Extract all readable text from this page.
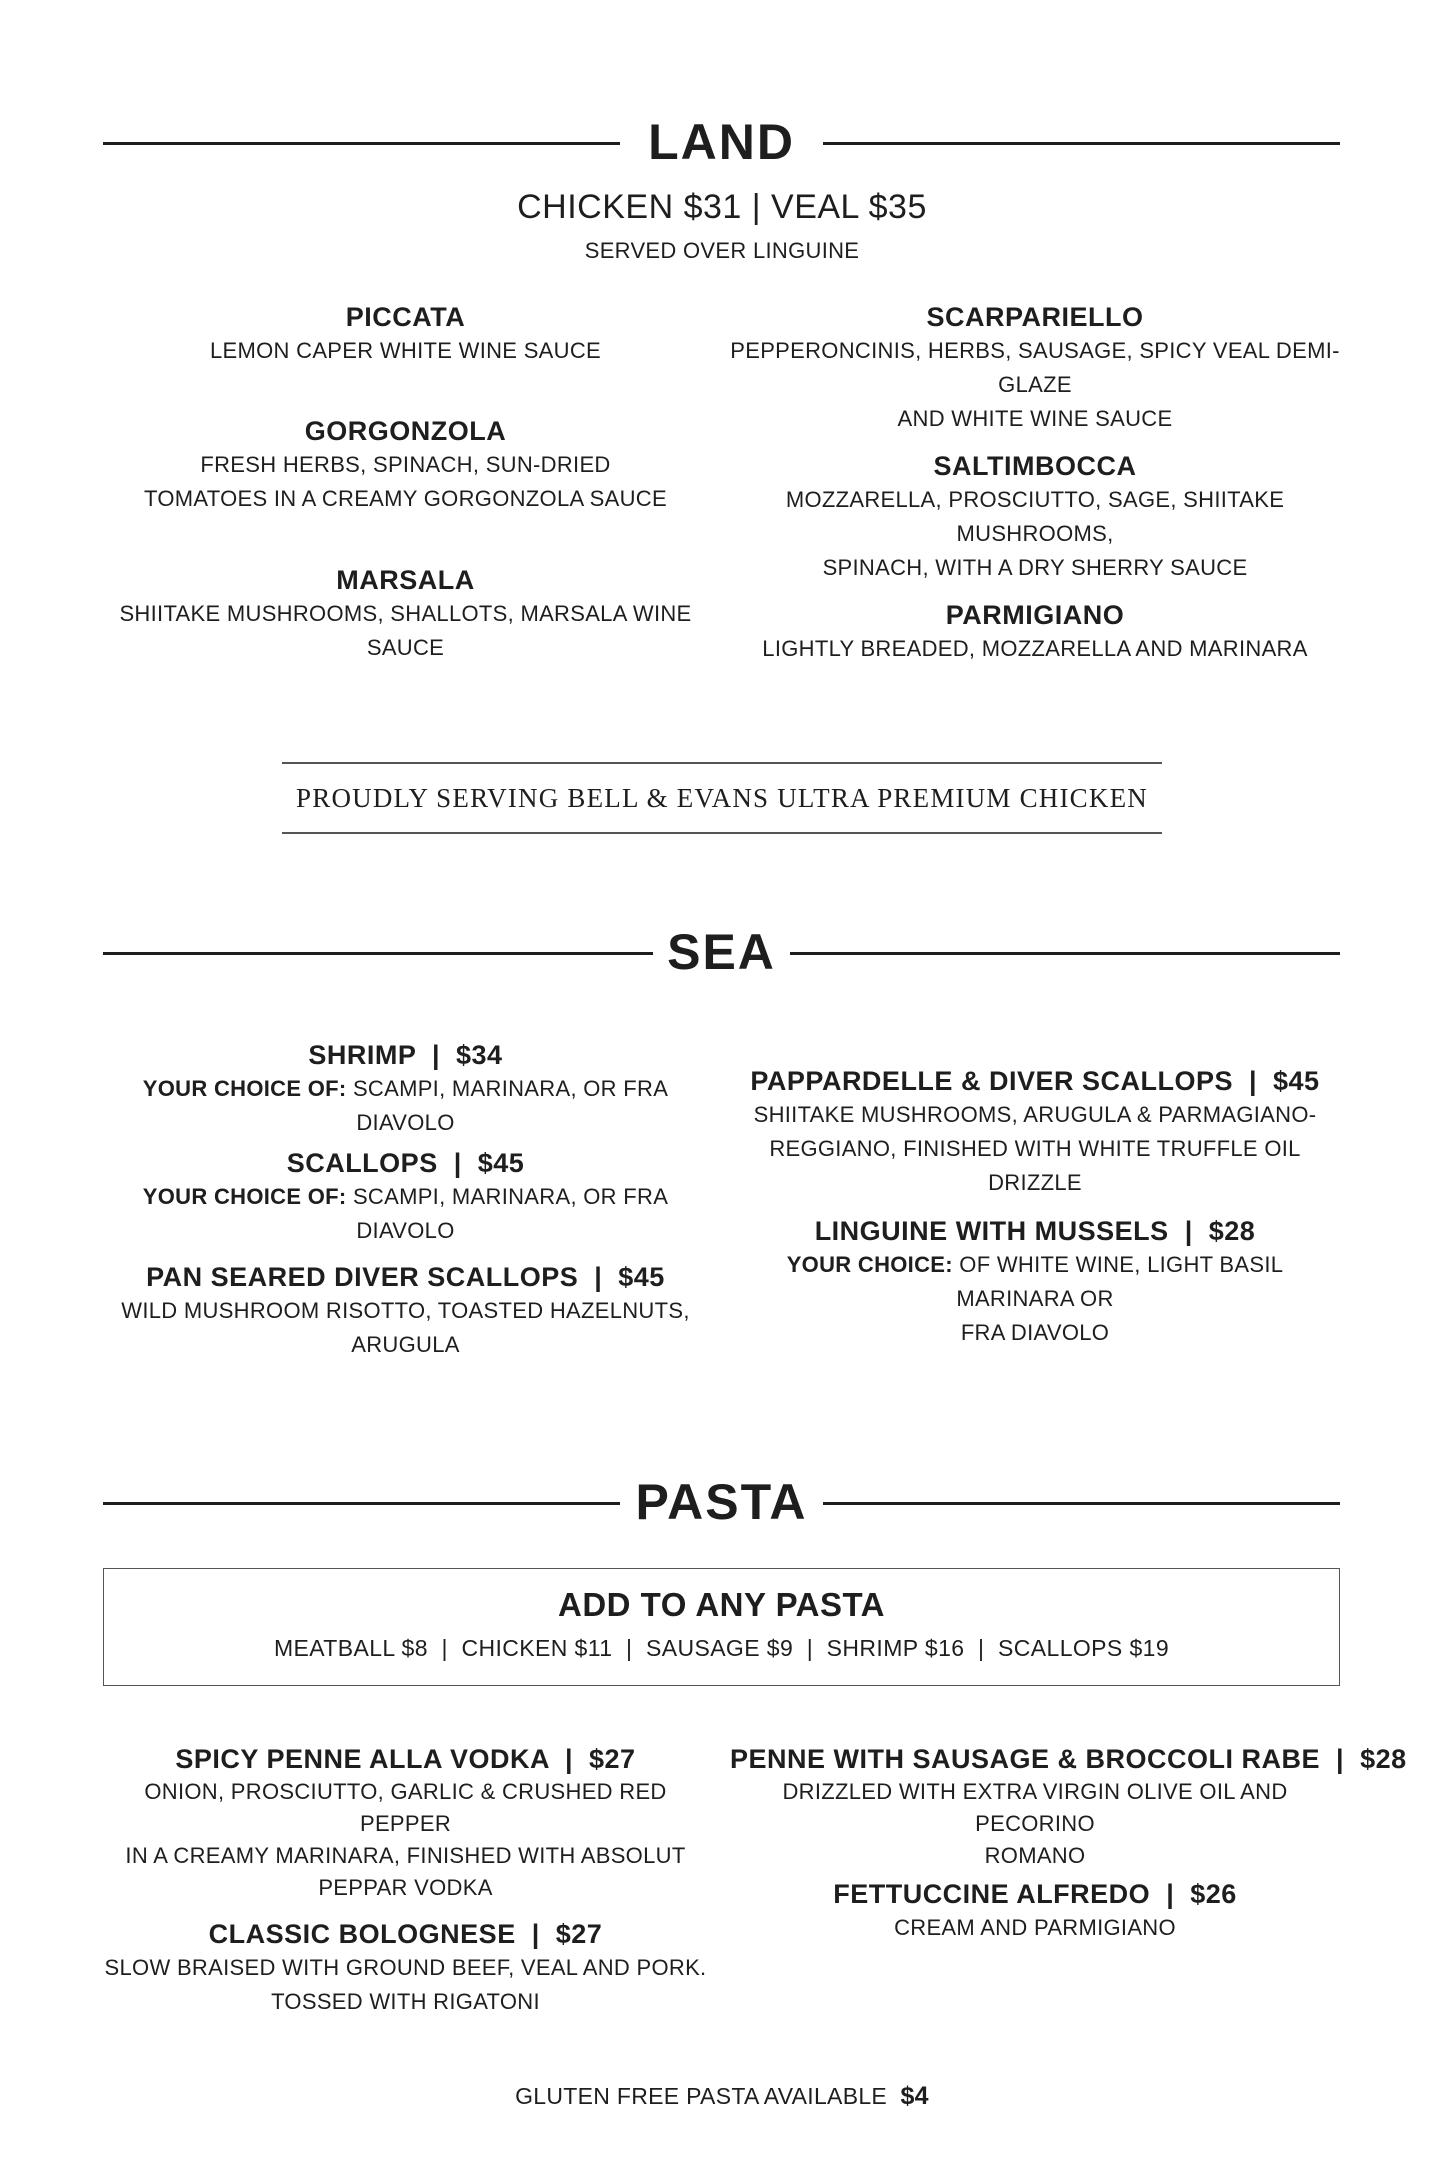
LAND
CHICKEN $31 | VEAL $35
SERVED OVER LINGUINE
PICCATA
LEMON CAPER WHITE WINE SAUCE
GORGONZOLA
FRESH HERBS, SPINACH, SUN-DRIED
TOMATOES IN A CREAMY GORGONZOLA SAUCE
MARSALA
SHIITAKE MUSHROOMS, SHALLOTS, MARSALA WINE SAUCE
SCARPARIELLO
PEPPERONCINIS, HERBS, SAUSAGE, SPICY VEAL DEMI-GLAZE
AND WHITE WINE SAUCE
SALTIMBOCCA
MOZZARELLA, PROSCIUTTO, SAGE, SHIITAKE MUSHROOMS,
SPINACH, WITH A DRY SHERRY SAUCE
PARMIGIANO
LIGHTLY BREADED, MOZZARELLA AND MARINARA
PROUDLY SERVING BELL & EVANS ULTRA PREMIUM CHICKEN
SEA
SHRIMP  |  $34
YOUR CHOICE OF: SCAMPI, MARINARA, OR FRA DIAVOLO
SCALLOPS  |  $45
YOUR CHOICE OF: SCAMPI, MARINARA, OR FRA DIAVOLO
PAN SEARED DIVER SCALLOPS  |  $45
WILD MUSHROOM RISOTTO, TOASTED HAZELNUTS,
ARUGULA
PAPPARDELLE & DIVER SCALLOPS  |  $45
SHIITAKE MUSHROOMS, ARUGULA & PARMAGIANO-
REGGIANO, FINISHED WITH WHITE TRUFFLE OIL DRIZZLE
LINGUINE WITH MUSSELS  |  $28
YOUR CHOICE: OF WHITE WINE, LIGHT BASIL MARINARA OR
FRA DIAVOLO
PASTA
ADD TO ANY PASTA
MEATBALL $8  |  CHICKEN $11  |  SAUSAGE $9  |  SHRIMP $16  |  SCALLOPS $19
SPICY PENNE ALLA VODKA  |  $27
ONION, PROSCIUTTO, GARLIC & CRUSHED RED PEPPER
IN A CREAMY MARINARA, FINISHED WITH ABSOLUT
PEPPAR VODKA
CLASSIC BOLOGNESE  |  $27
SLOW BRAISED WITH GROUND BEEF, VEAL AND PORK.
TOSSED WITH RIGATONI
PENNE WITH SAUSAGE & BROCCOLI RABE  |  $28
DRIZZLED WITH EXTRA VIRGIN OLIVE OIL AND PECORINO
ROMANO
FETTUCCINE ALFREDO  |  $26
CREAM AND PARMIGIANO
GLUTEN FREE PASTA AVAILABLE $4
